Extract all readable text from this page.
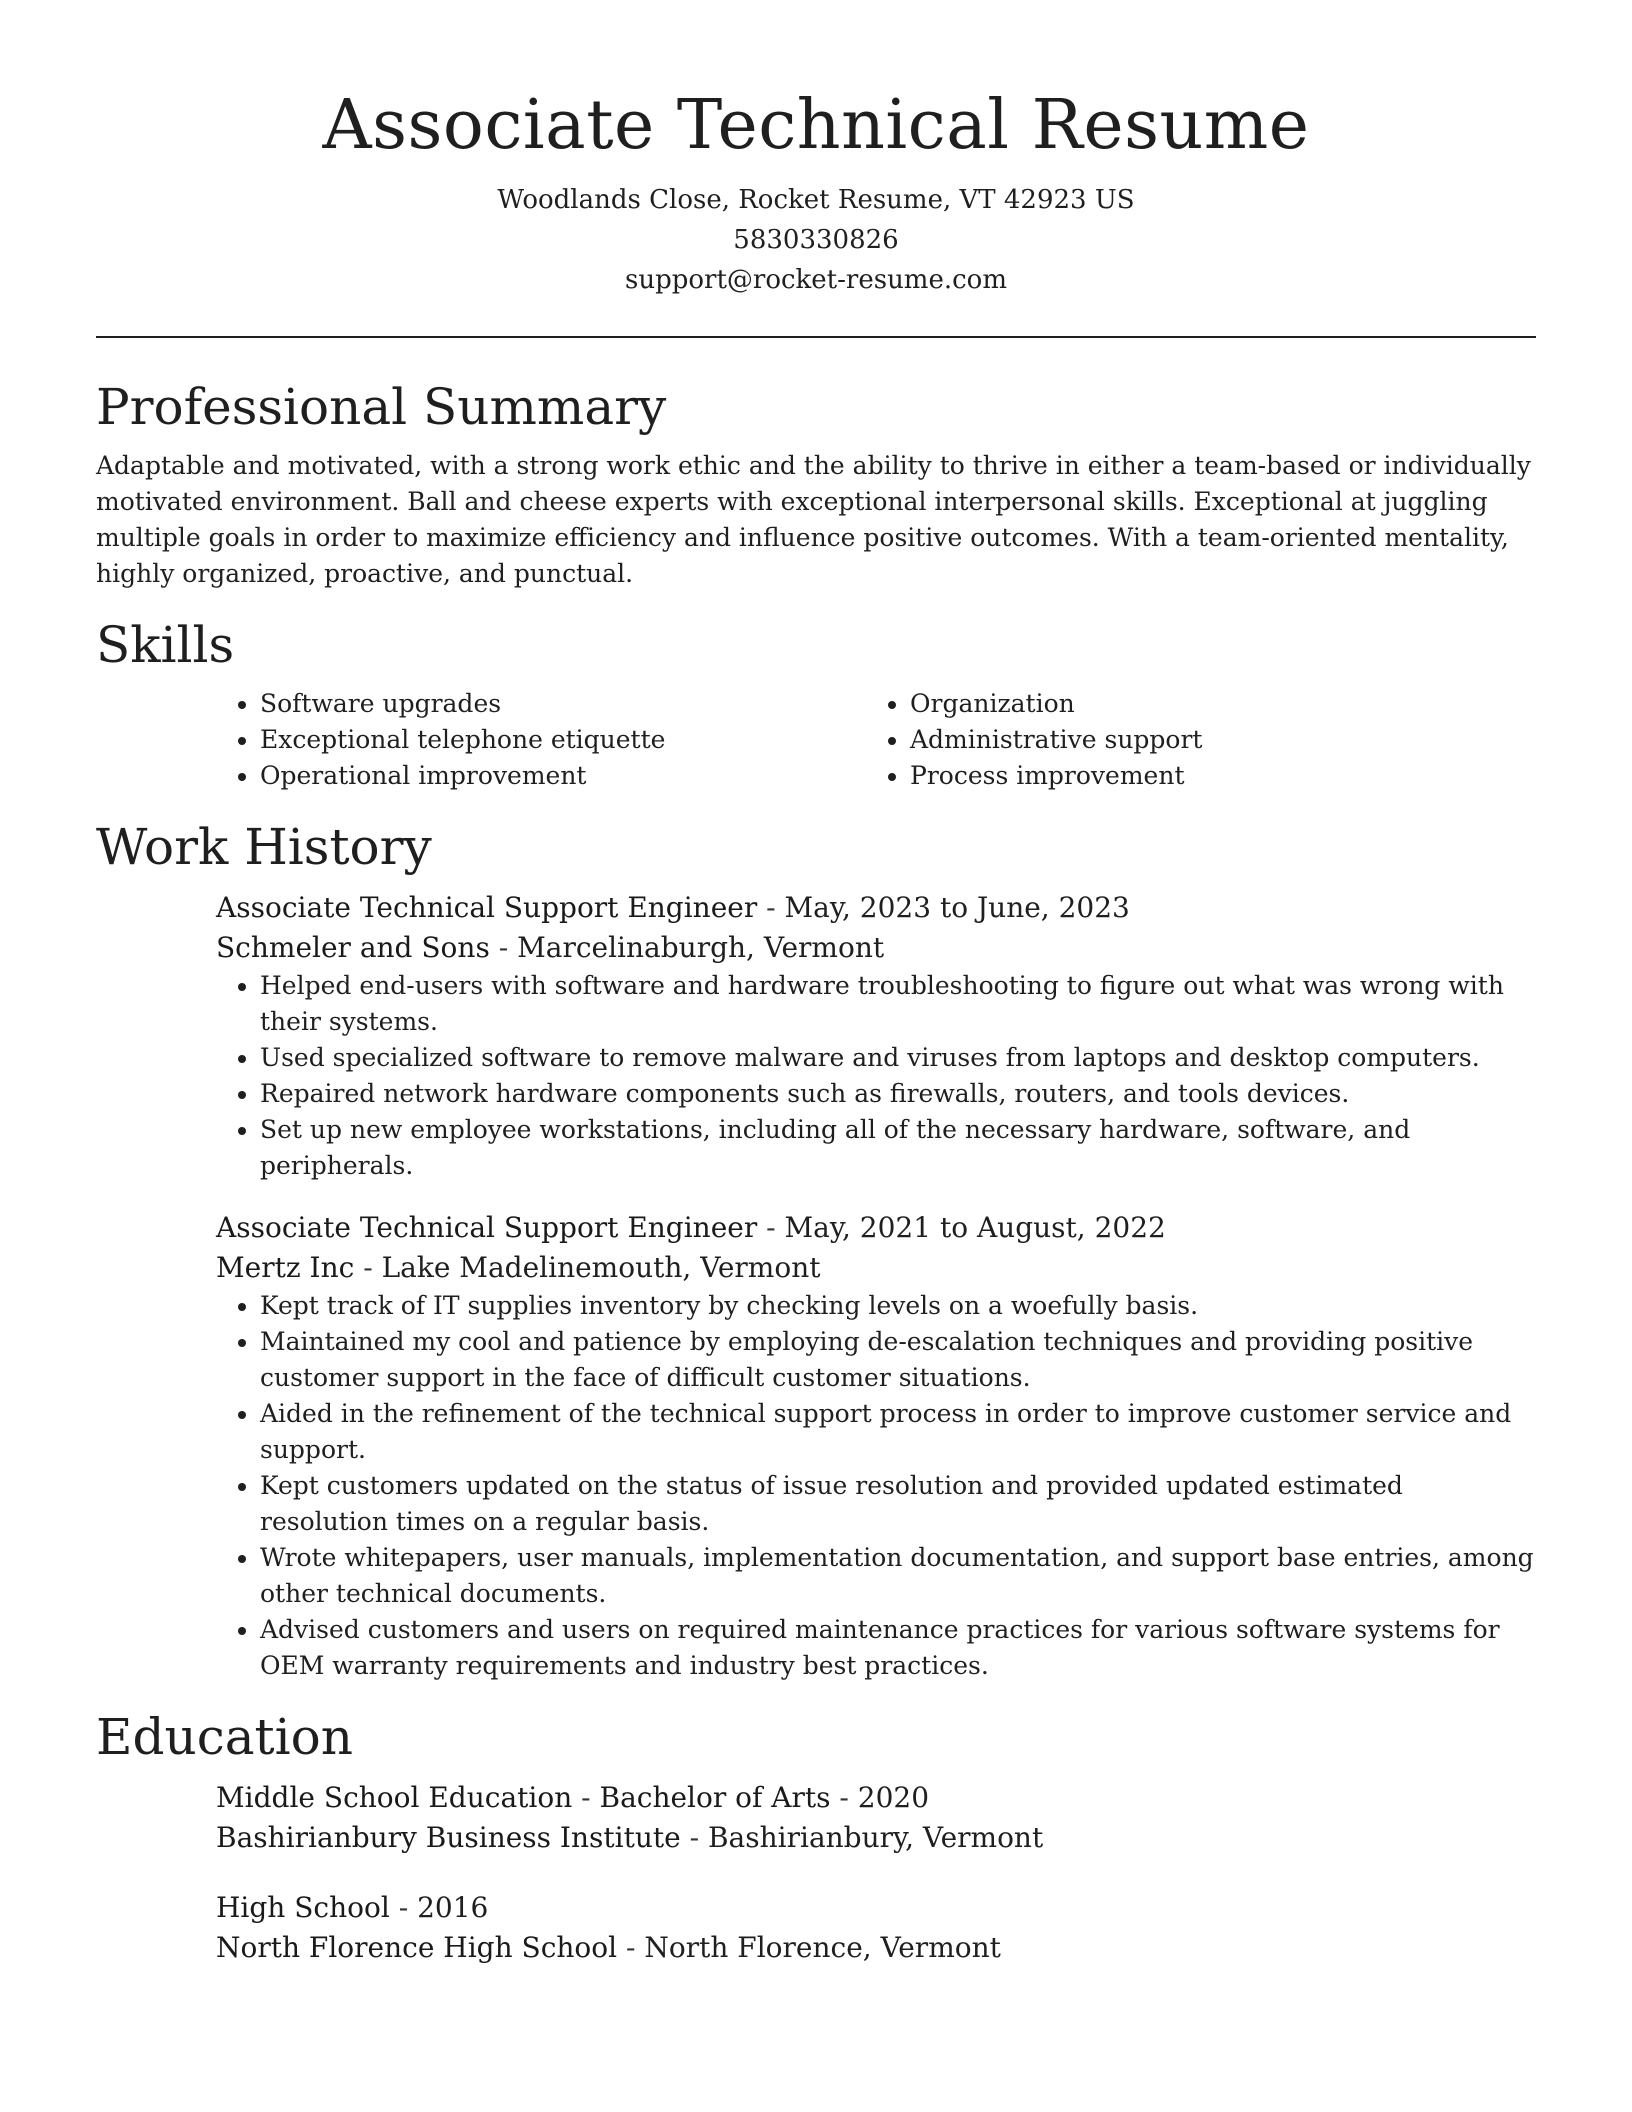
Associate Technical Resume
Woodlands Close, Rocket Resume, VT 42923 US
5830330826
support@rocket-resume.com
Professional Summary

Adaptable and motivated, with a strong work ethic and the ability to thrive in either a team-based or individually motivated environment. Ball and cheese experts with exceptional interpersonal skills. Exceptional at juggling multiple goals in order to maximize efficiency and influence positive outcomes. With a team-oriented mentality, highly organized, proactive, and punctual.

Skills
• Software upgrades
• Exceptional telephone etiquette
• Operational improvement
• Organization
• Administrative support
• Process improvement
Work History
Associate Technical Support Engineer - May, 2023 to June, 2023
Schmeler and Sons - Marcelinaburgh, Vermont
• Helped end-users with software and hardware troubleshooting to figure out what was wrong with their systems.
• Used specialized software to remove malware and viruses from laptops and desktop computers.
• Repaired network hardware components such as firewalls, routers, and tools devices.
• Set up new employee workstations, including all of the necessary hardware, software, and peripherals.
Associate Technical Support Engineer - May, 2021 to August, 2022
Mertz Inc - Lake Madelinemouth, Vermont
• Kept track of IT supplies inventory by checking levels on a woefully basis.
• Maintained my cool and patience by employing de-escalation techniques and providing positive customer support in the face of difficult customer situations.
• Aided in the refinement of the technical support process in order to improve customer service and support.
• Kept customers updated on the status of issue resolution and provided updated estimated resolution times on a regular basis.
• Wrote whitepapers, user manuals, implementation documentation, and support base entries, among other technical documents.
• Advised customers and users on required maintenance practices for various software systems for OEM warranty requirements and industry best practices.
Education
Middle School Education - Bachelor of Arts - 2020
Bashirianbury Business Institute - Bashirianbury, Vermont
High School - 2016
North Florence High School - North Florence, Vermont
